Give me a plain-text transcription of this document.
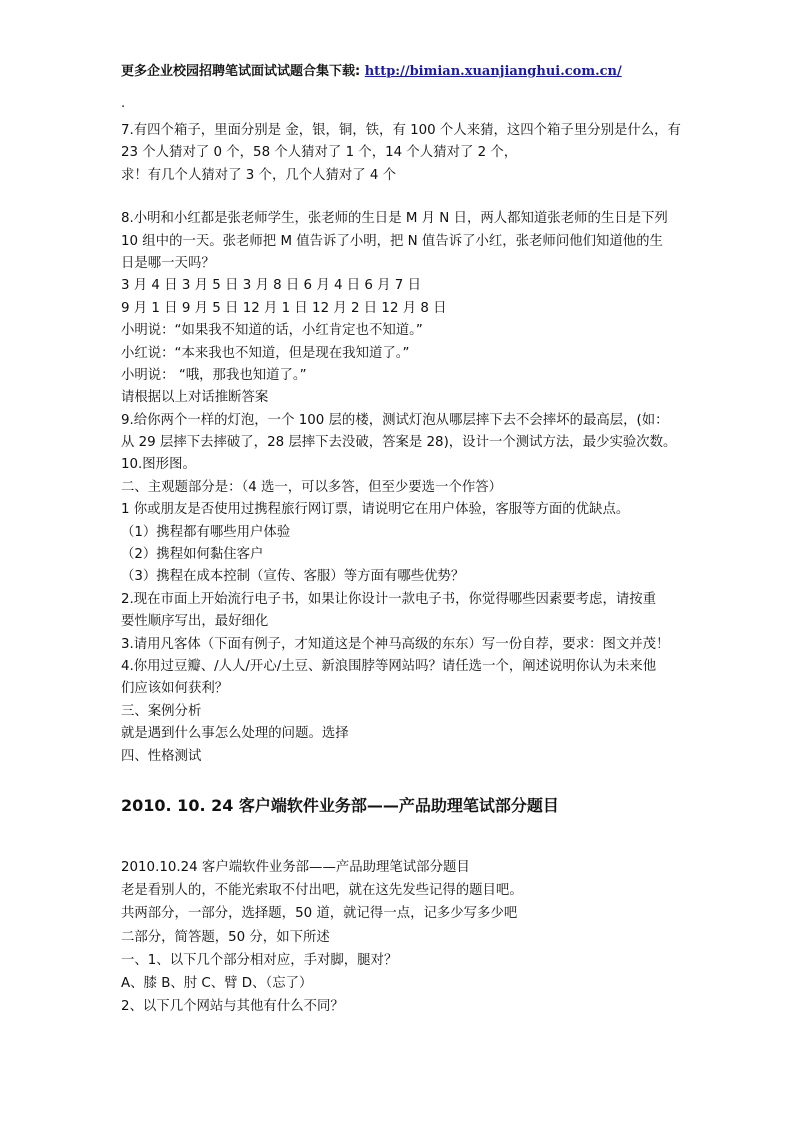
更多企业校园招聘笔试面试试题合集下载: http://bimian.xuanjianghui.com.cn/
.
7.有四个箱子，里面分别是 金，银，铜，铁，有 100 个人来猜，这四个箱子里分别是什么，有
23 个人猜对了 0 个，58 个人猜对了 1 个，14 个人猜对了 2 个，
求！有几个人猜对了 3 个，几个人猜对了 4 个
8.小明和小红都是张老师学生，张老师的生日是 M 月 N 日，两人都知道张老师的生日是下列
10 组中的一天。张老师把 M 值告诉了小明，把 N 值告诉了小红，张老师问他们知道他的生
日是哪一天吗？
3 月 4 日 3 月 5 日 3 月 8 日 6 月 4 日 6 月 7 日
9 月 1 日 9 月 5 日 12 月 1 日 12 月 2 日 12 月 8 日
小明说：“如果我不知道的话，小红肯定也不知道。”
小红说：“本来我也不知道，但是现在我知道了。”
小明说： “哦，那我也知道了。”
请根据以上对话推断答案
9.给你两个一样的灯泡，一个 100 层的楼，测试灯泡从哪层摔下去不会摔坏的最高层，(如：
从 29 层摔下去摔破了，28 层摔下去没破，答案是 28)，设计一个测试方法，最少实验次数。
10.图形图。
二、主观题部分是：（4 选一，可以多答，但至少要选一个作答）
1 你或朋友是否使用过携程旅行网订票，请说明它在用户体验，客服等方面的优缺点。
（1）携程都有哪些用户体验
（2）携程如何黏住客户
（3）携程在成本控制（宣传、客服）等方面有哪些优势？
2.现在市面上开始流行电子书，如果让你设计一款电子书，你觉得哪些因素要考虑，请按重
要性顺序写出，最好细化
3.请用凡客体（下面有例子，才知道这是个神马高级的东东）写一份自荐，要求：图文并茂！
4.你用过豆瓣、/人人/开心/土豆、新浪围脖等网站吗？请任选一个，阐述说明你认为未来他
们应该如何获利？
三、案例分析
就是遇到什么事怎么处理的问题。选择
四、性格测试
2010. 10. 24 客户端软件业务部——产品助理笔试部分题目
2010.10.24 客户端软件业务部——产品助理笔试部分题目
老是看别人的，不能光索取不付出吧，就在这先发些记得的题目吧。
共两部分，一部分，选择题，50 道，就记得一点，记多少写多少吧
二部分，简答题，50 分，如下所述
一、1、以下几个部分相对应，手对脚，腿对？
A、膝 B、肘 C、臂 D、（忘了）
2、以下几个网站与其他有什么不同？
